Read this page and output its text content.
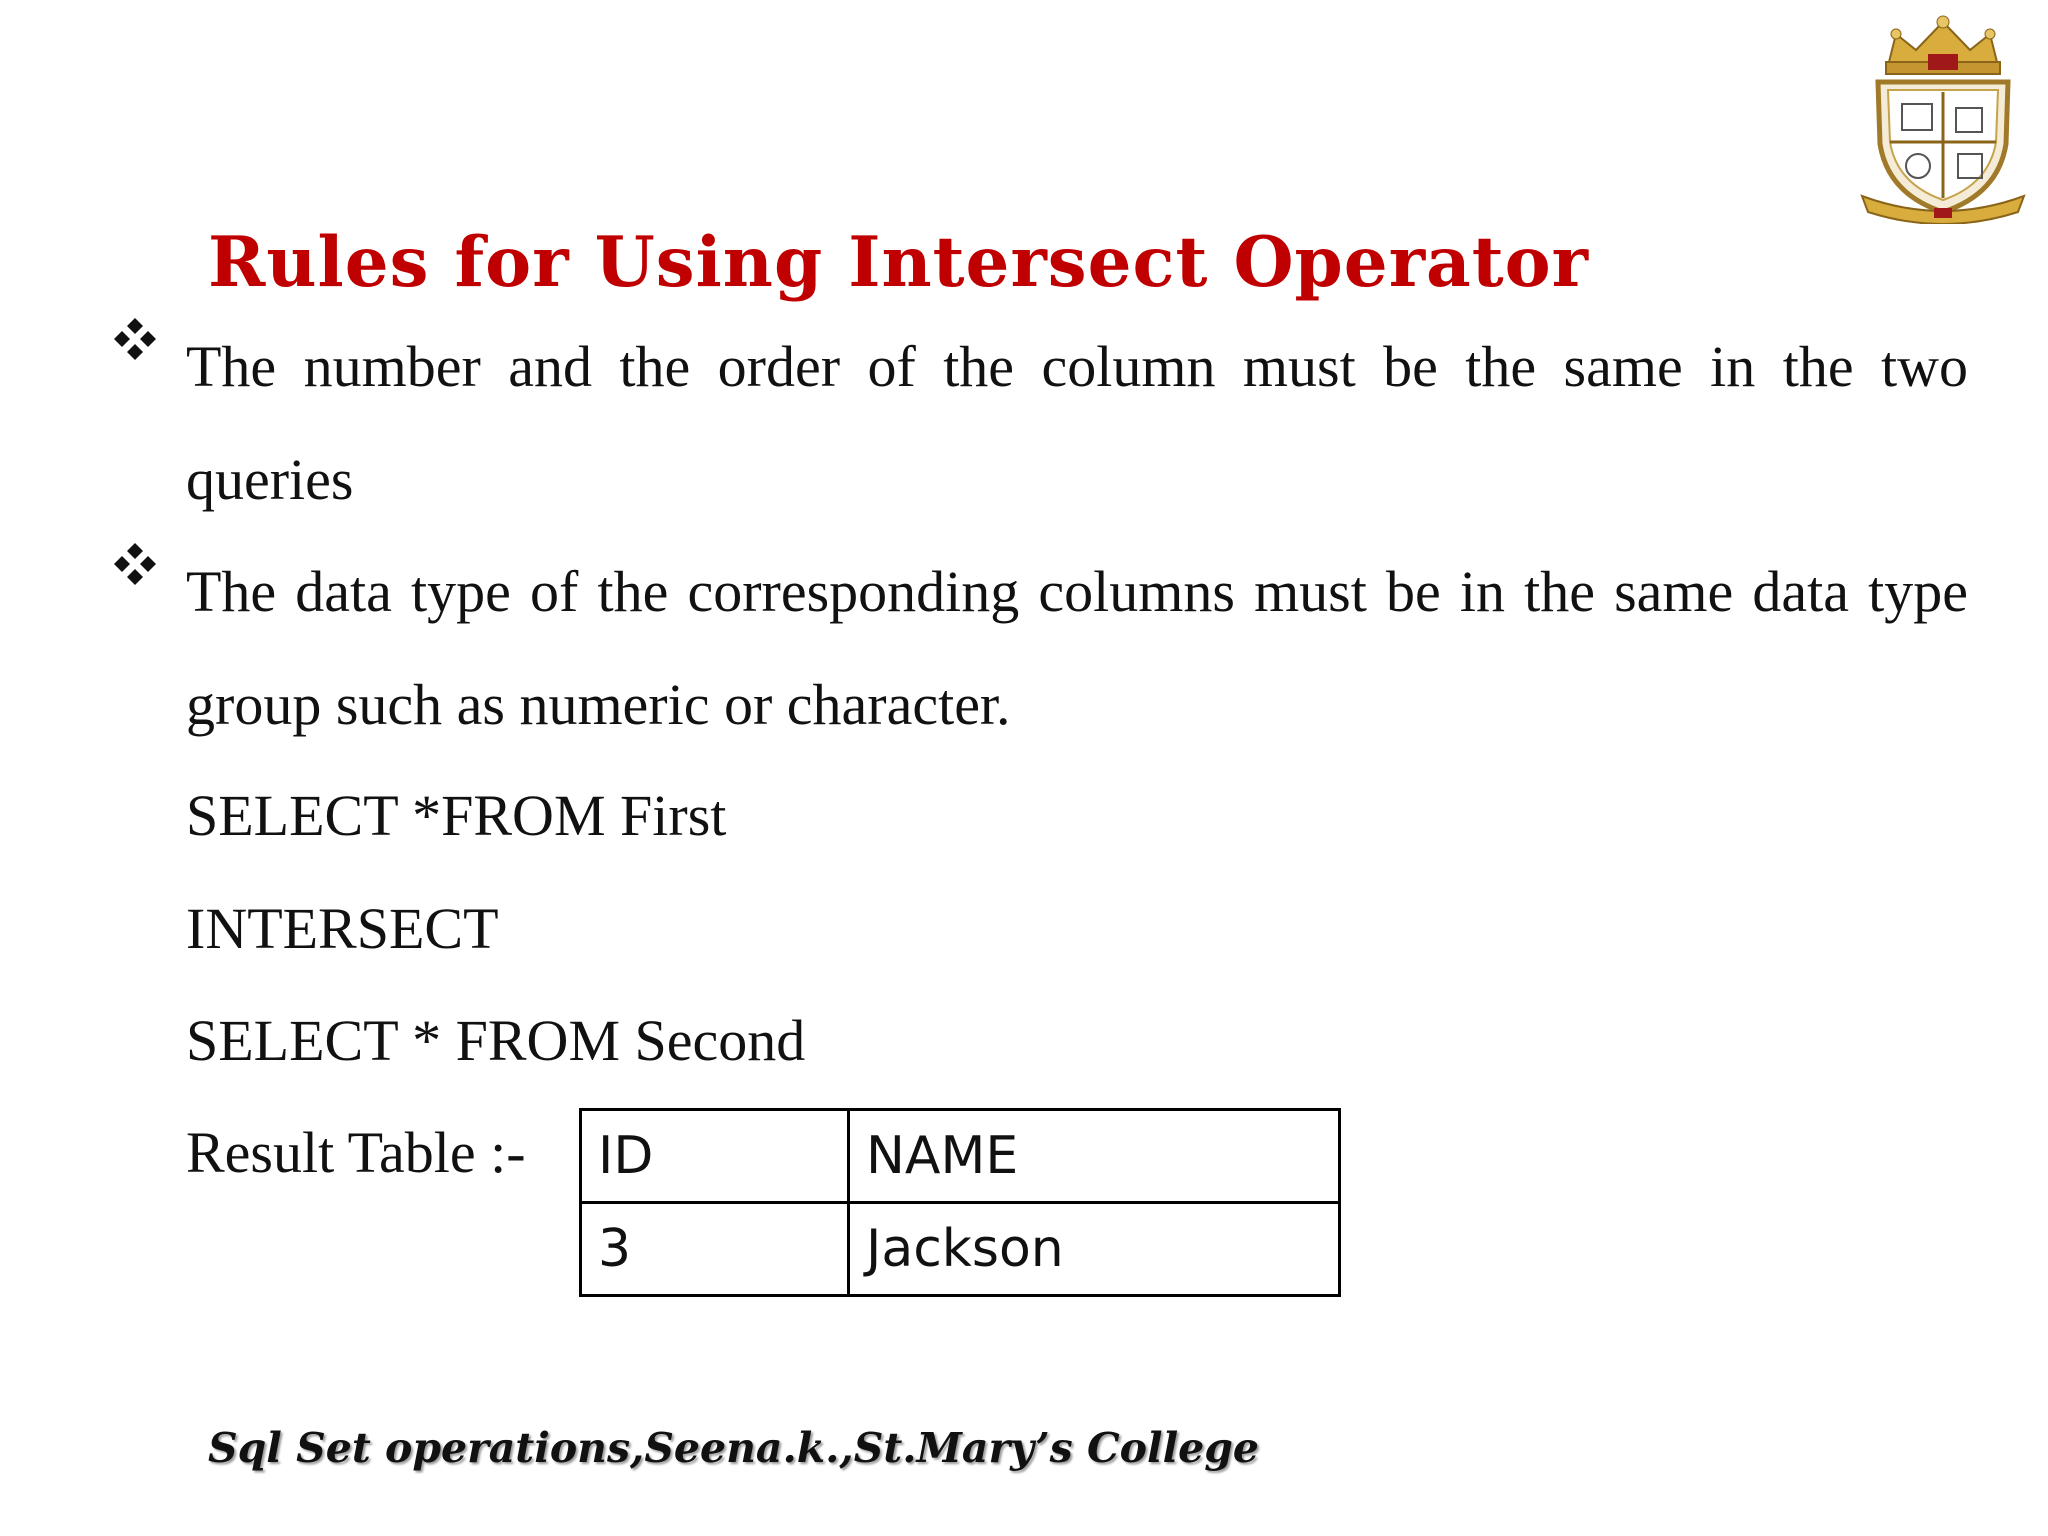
Rules for Using Intersect Operator
The number and the order of the column must be the same in the two queries
The data type of the corresponding columns must be in the same data type group such as numeric or character.
SELECT *FROM First
INTERSECT
SELECT * FROM Second
Result Table :- ID	NAME
3	Jackson
Sql Set operations,Seena.k.,St.Mary’s College
